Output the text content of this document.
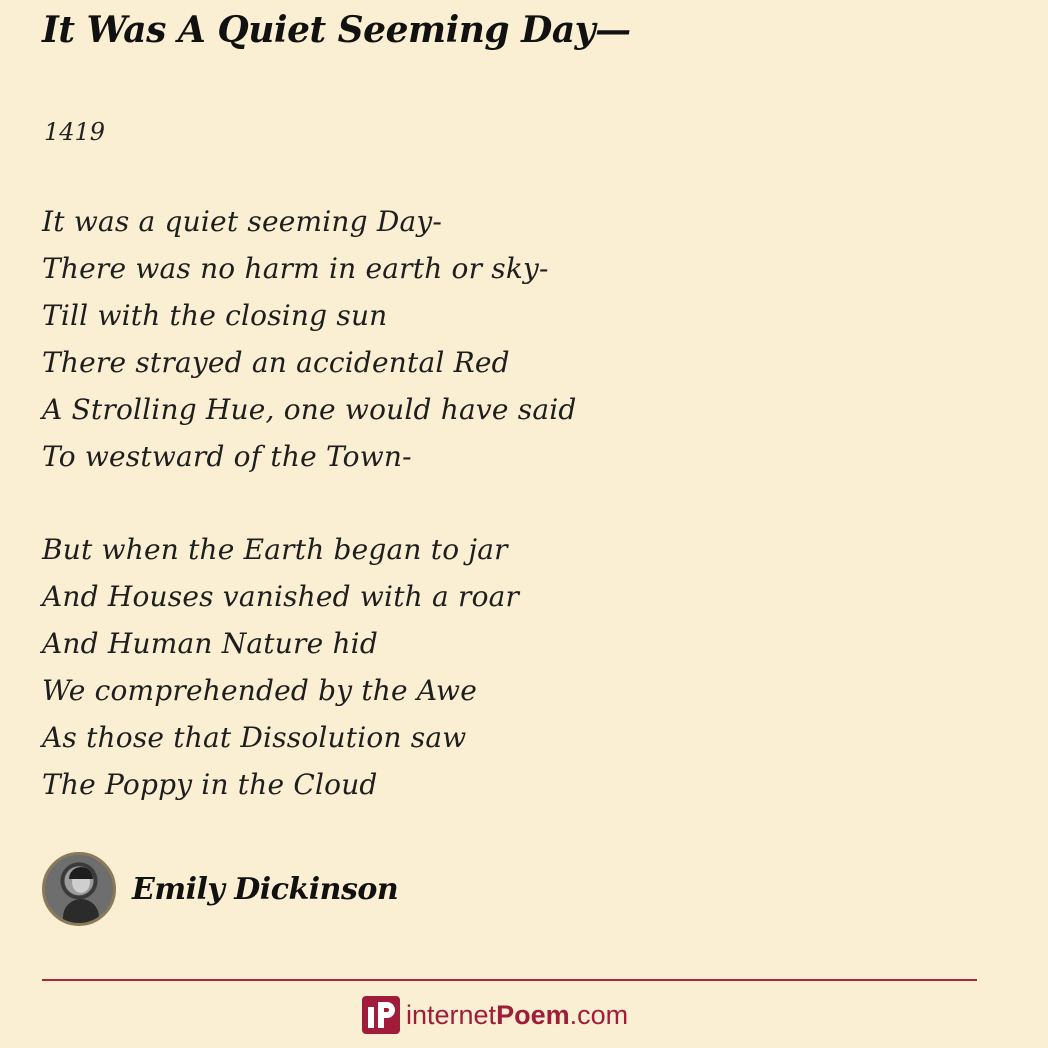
It Was A Quiet Seeming Day—
1419
It was a quiet seeming Day-
There was no harm in earth or sky-
Till with the closing sun
There strayed an accidental Red
A Strolling Hue, one would have said
To westward of the Town-
But when the Earth began to jar
And Houses vanished with a roar
And Human Nature hid
We comprehended by the Awe
As those that Dissolution saw
The Poppy in the Cloud
Emily Dickinson
internetPoem.com
